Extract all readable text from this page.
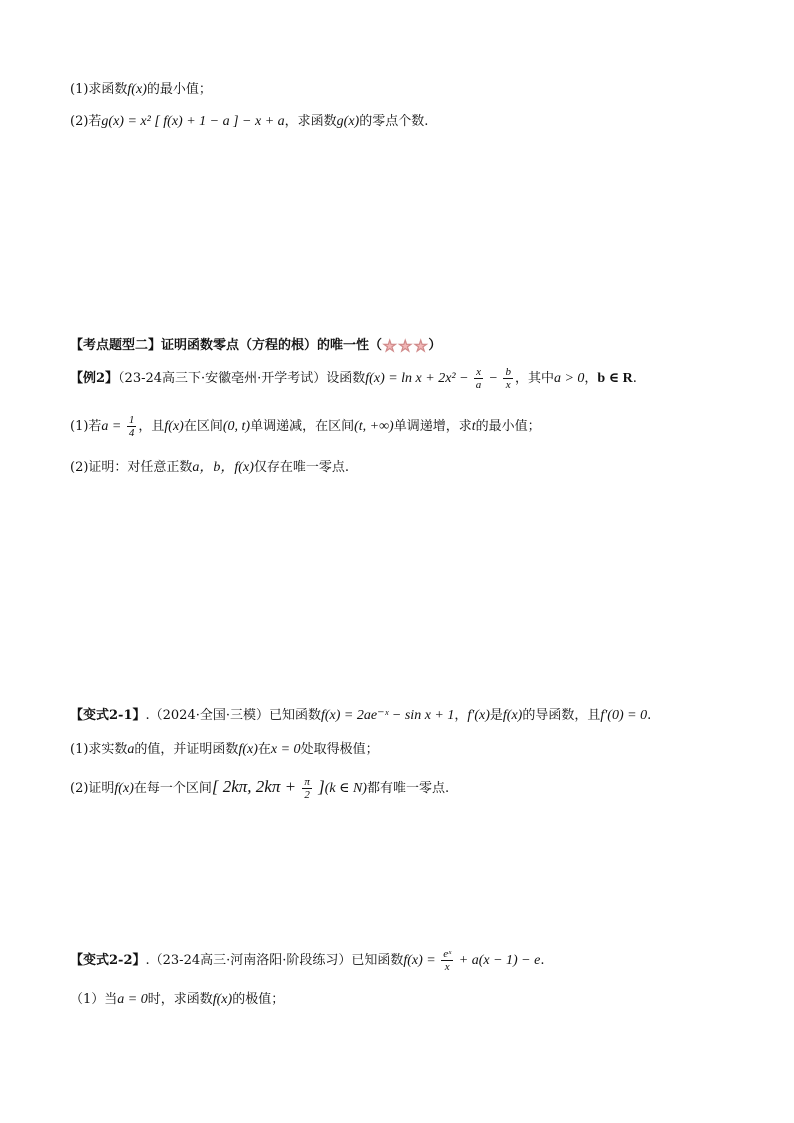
(1)求函数f(x)的最小值；
(2)若g(x) = x² [ f(x) + 1 − a ] − x + a，求函数g(x)的零点个数.
【考点题型二】证明函数零点（方程的根）的唯一性（★ ★ ★）
【例2】（23-24高三下·安徽亳州·开学考试）设函数$f(x) = \ln x + 2x^2 - \frac{x}{a} - \frac{b}{x}$ ，其中a > 0，b ∈ R.
(1)若$a = \frac{1}{4}$ ，且f(x)在区间(0, t)单调递减，在区间(t, +∞)单调递增，求t的最小值；
(2)证明：对任意正数a，b，f(x)仅存在唯一零点.
【变式2-1】.（2024·全国·三模）已知函数f(x) = 2ae⁻ˣ − sin x + 1，f′(x)是f(x)的导函数，且f′(0) = 0.
(1)求实数a的值，并证明函数f(x)在x = 0处取得极值；
(2)证明f(x)在每一个区间[ 2kπ, $2k\pi + \frac{\pi}{2} ](k$ ∈ N)都有唯一零点.
【变式2-2】.（23-24高三·河南洛阳·阶段练习）已知函数$f(x) = \frac{\text{eˣ}}{x} + a(x - 1) - e$.
（1）当a = 0时，求函数f(x)的极值；
